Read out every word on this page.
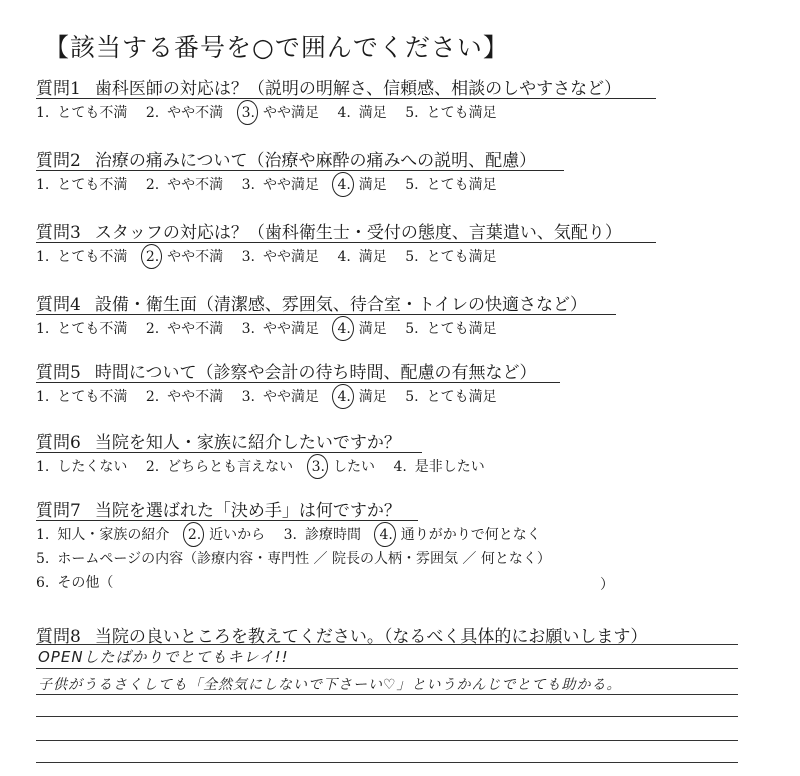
【該当する番号を○で囲んでください】
質問1 歯科医師の対応は？（説明の明解さ、信頼感、相談のしやすさなど）
1. とても不満 2. やや不満 3. やや満足 4. 満足 5. とても満足
質問2 治療の痛みについて（治療や麻酔の痛みへの説明、配慮）
1. とても不満 2. やや不満 3. やや満足 4. 満足 5. とても満足
質問3 スタッフの対応は？（歯科衛生士・受付の態度、言葉遣い、気配り）
1. とても不満 2. やや不満 3. やや満足 4. 満足 5. とても満足
質問4 設備・衛生面（清潔感、雰囲気、待合室・トイレの快適さなど）
1. とても不満 2. やや不満 3. やや満足 4. 満足 5. とても満足
質問5 時間について（診察や会計の待ち時間、配慮の有無など）
1. とても不満 2. やや不満 3. やや満足 4. 満足 5. とても満足
質問6 当院を知人・家族に紹介したいですか？
1. したくない 2. どちらとも言えない 3. したい 4. 是非したい
質問7 当院を選ばれた「決め手」は何ですか？
1. 知人・家族の紹介 2. 近いから 3. 診療時間 4. 通りがかりで何となく
5. ホームページの内容（診療内容・専門性 ／ 院長の人柄・雰囲気 ／ 何となく）
6. その他（	）
質問8 当院の良いところを教えてください。（なるべく具体的にお願いします）
OPENしたばかりでとてもキレイ!!
子供がうるさくしても「全然気にしないで下さーい♡」というかんじでとても助かる。
